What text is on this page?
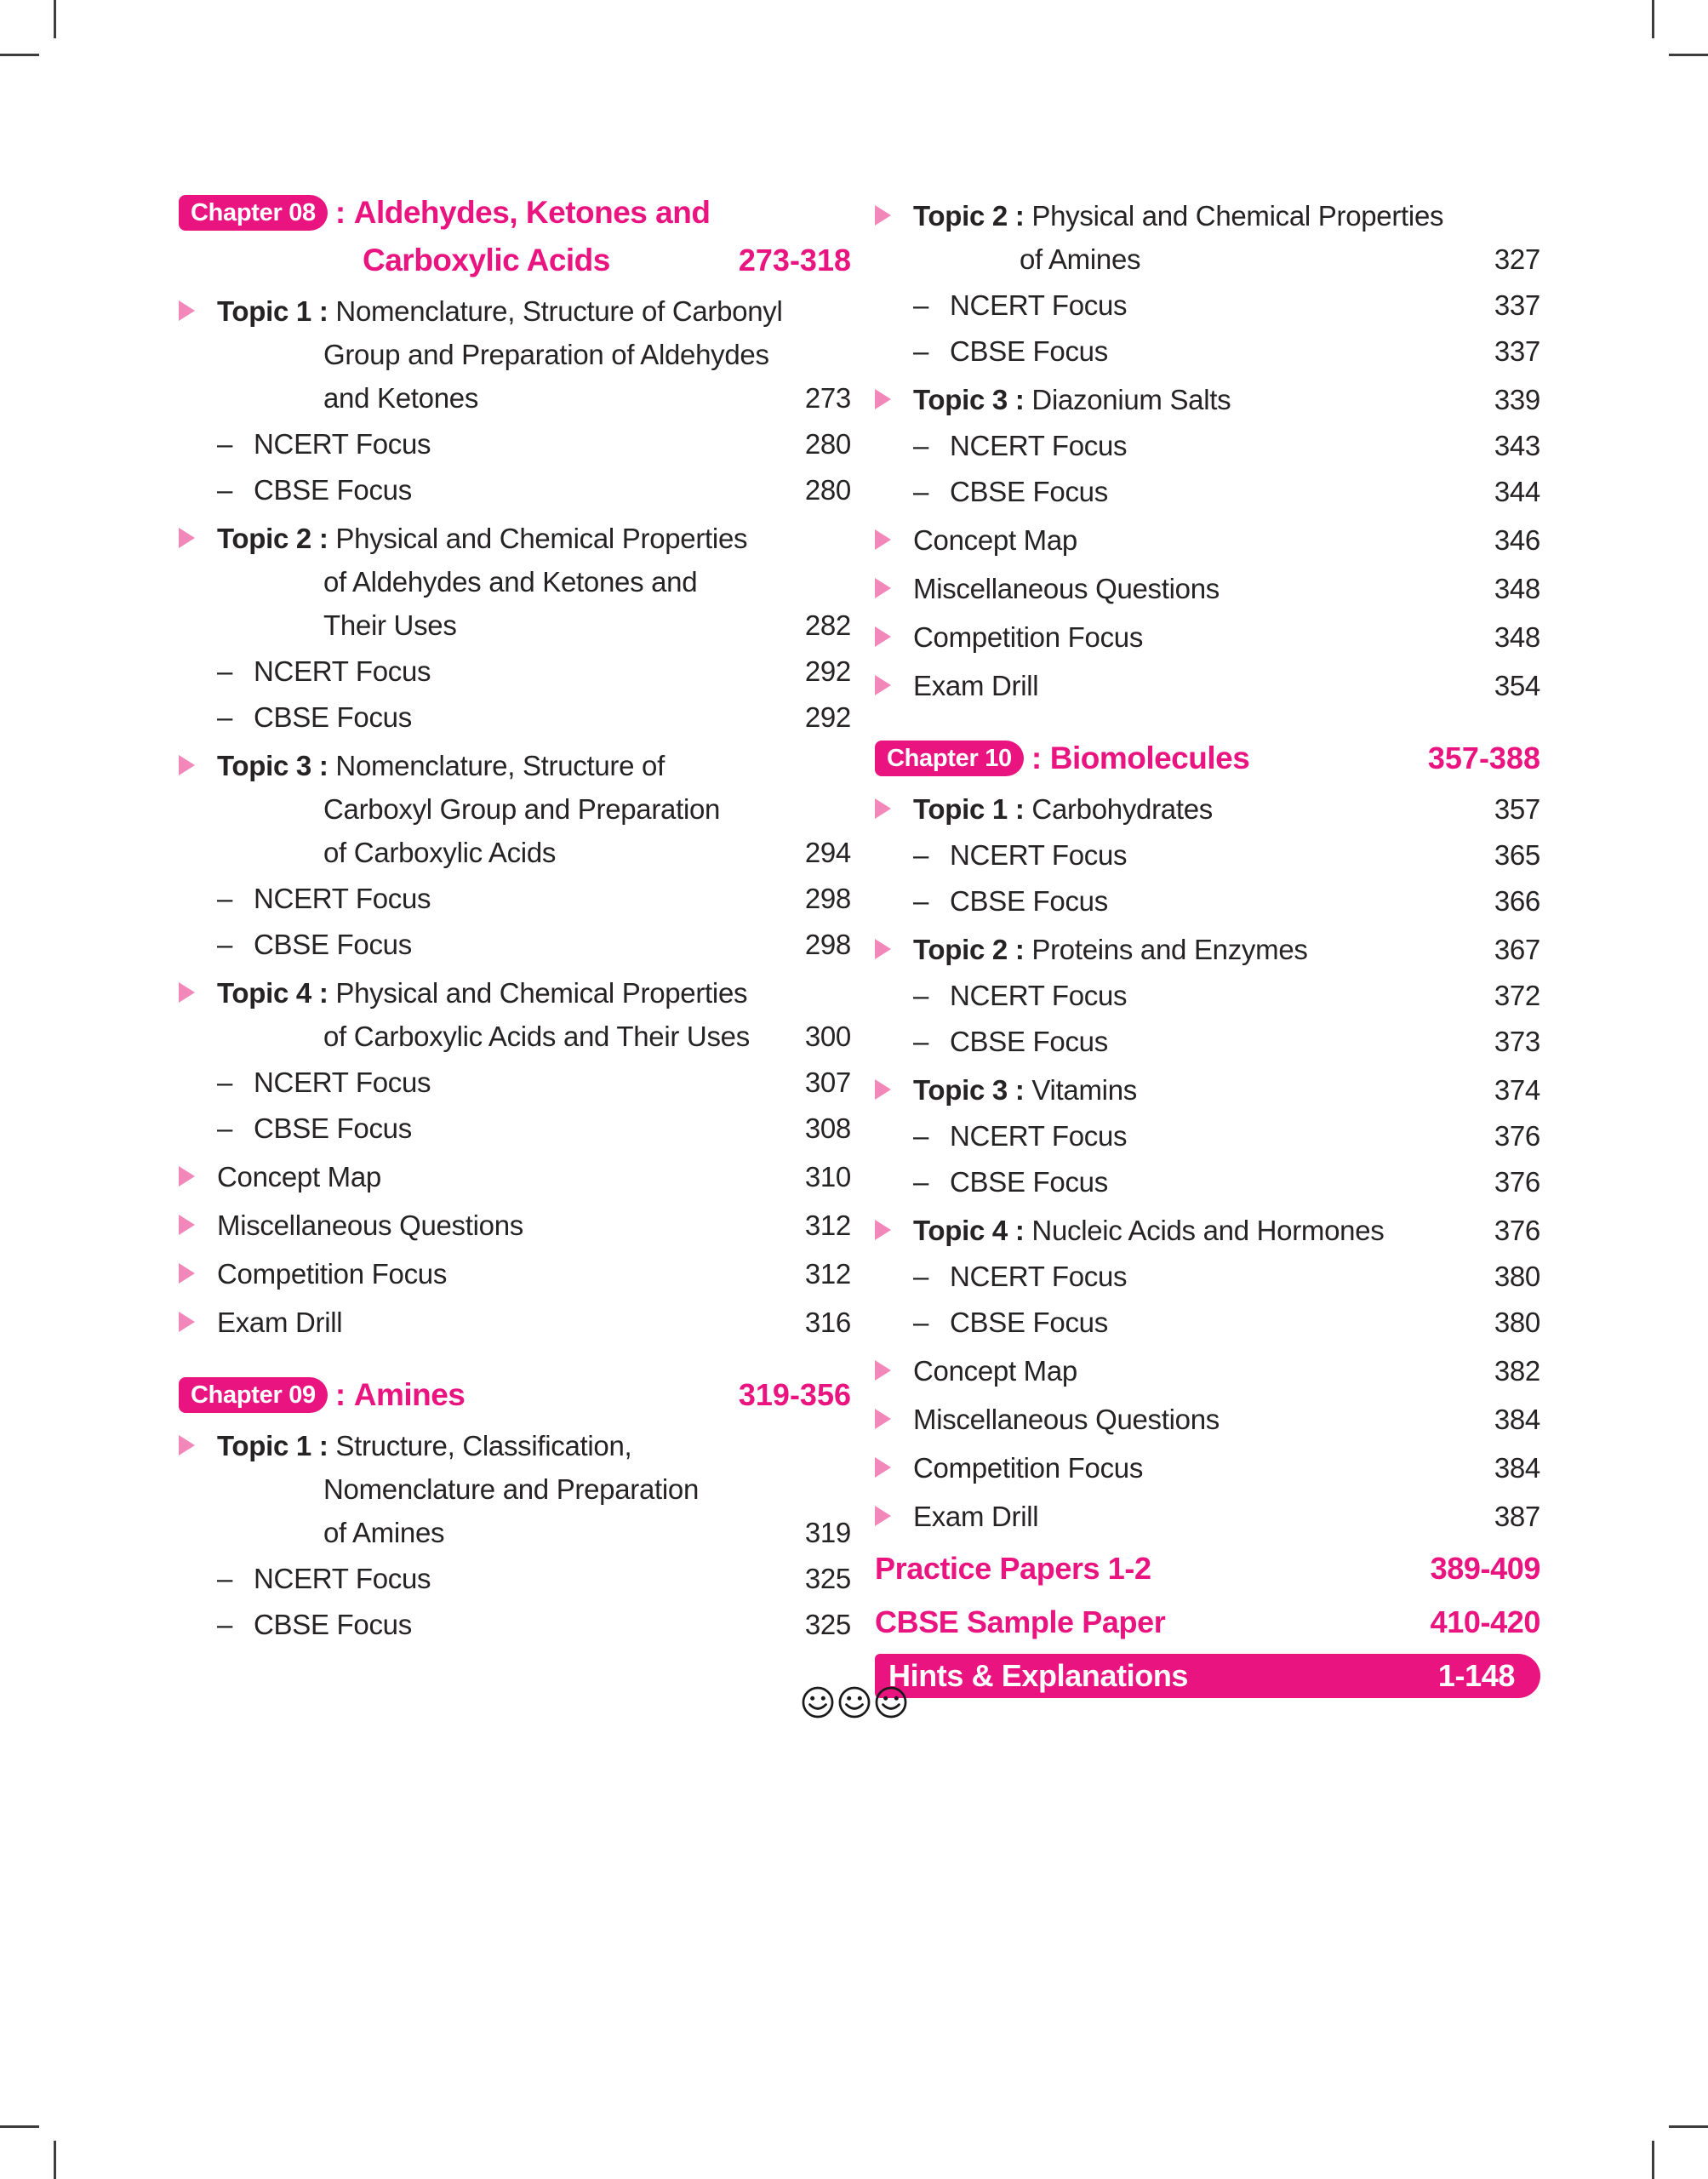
Chapter 08 : Aldehydes, Ketones and
Carboxylic Acids	273-318
Topic 1 : Nomenclature, Structure of Carbonyl
Group and Preparation of Aldehydes
and Ketones	273
– NCERT Focus	280
– CBSE Focus	280
Topic 2 : Physical and Chemical Properties
of Aldehydes and Ketones and
Their Uses	282
– NCERT Focus	292
– CBSE Focus	292
Topic 3 : Nomenclature, Structure of
Carboxyl Group and Preparation
of Carboxylic Acids	294
– NCERT Focus	298
– CBSE Focus	298
Topic 4 : Physical and Chemical Properties
of Carboxylic Acids and Their Uses	300
– NCERT Focus	307
– CBSE Focus	308
Concept Map	310
Miscellaneous Questions	312
Competition Focus	312
Exam Drill	316
Chapter 09 : Amines	319-356
Topic 1 : Structure, Classification,
Nomenclature and Preparation
of Amines	319
– NCERT Focus	325
– CBSE Focus	325
Topic 2 : Physical and Chemical Properties
of Amines	327
– NCERT Focus	337
– CBSE Focus	337
Topic 3 : Diazonium Salts	339
– NCERT Focus	343
– CBSE Focus	344
Concept Map	346
Miscellaneous Questions	348
Competition Focus	348
Exam Drill	354
Chapter 10 : Biomolecules	357-388
Topic 1 : Carbohydrates	357
– NCERT Focus	365
– CBSE Focus	366
Topic 2 : Proteins and Enzymes	367
– NCERT Focus	372
– CBSE Focus	373
Topic 3 : Vitamins	374
– NCERT Focus	376
– CBSE Focus	376
Topic 4 : Nucleic Acids and Hormones	376
– NCERT Focus	380
– CBSE Focus	380
Concept Map	382
Miscellaneous Questions	384
Competition Focus	384
Exam Drill	387
Practice Papers 1-2	389-409
CBSE Sample Paper	410-420
Hints & Explanations	1-148
